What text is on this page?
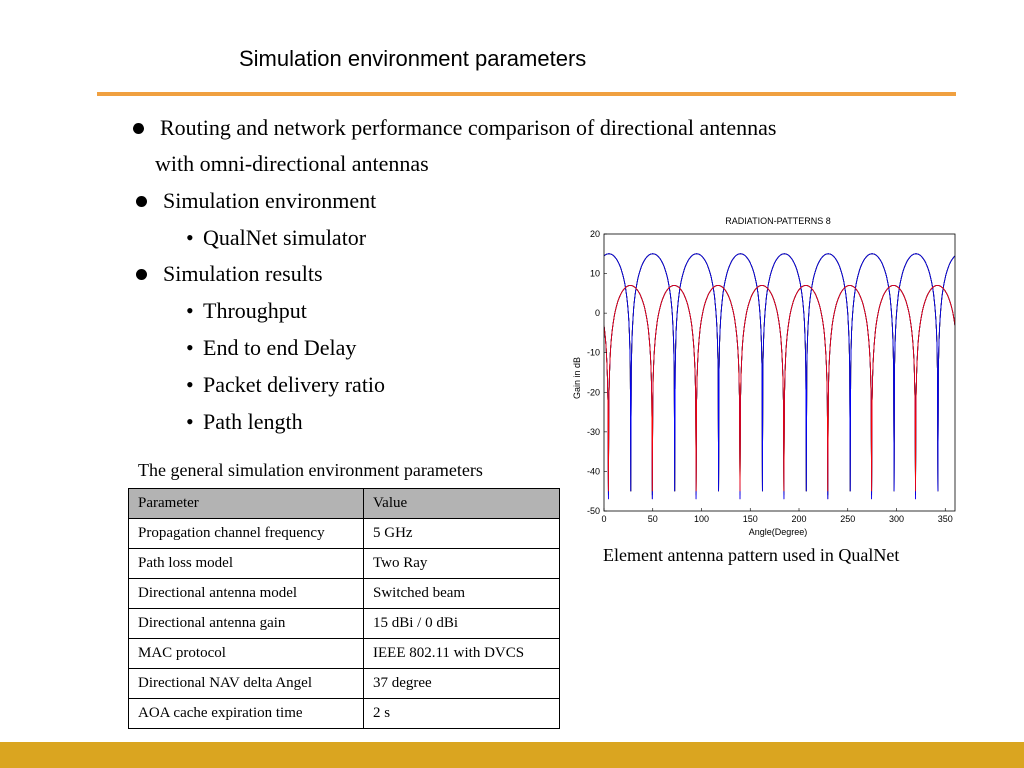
Simulation environment parameters
Routing and network performance comparison of directional antennas
with omni-directional antennas
Simulation environment
• QualNet simulator
Simulation results
• Throughput
• End to end Delay
• Packet delivery ratio
• Path length
The general simulation environment parameters
Parameter	Value
Propagation channel frequency	5 GHz
Path loss model	Two Ray
Directional antenna model	Switched beam
Directional antenna gain	15 dBi / 0 dBi
MAC protocol	IEEE 802.11 with DVCS
Directional NAV delta Angel	37 degree
AOA cache expiration time	2 s
RADIATION-PATTERNS 8
Angle(Degree)
Gain in dB
0	50	100	150	200	250	300	350
20
10
0
-10
-20
-30
-40
-50
Element antenna pattern used in QualNet
